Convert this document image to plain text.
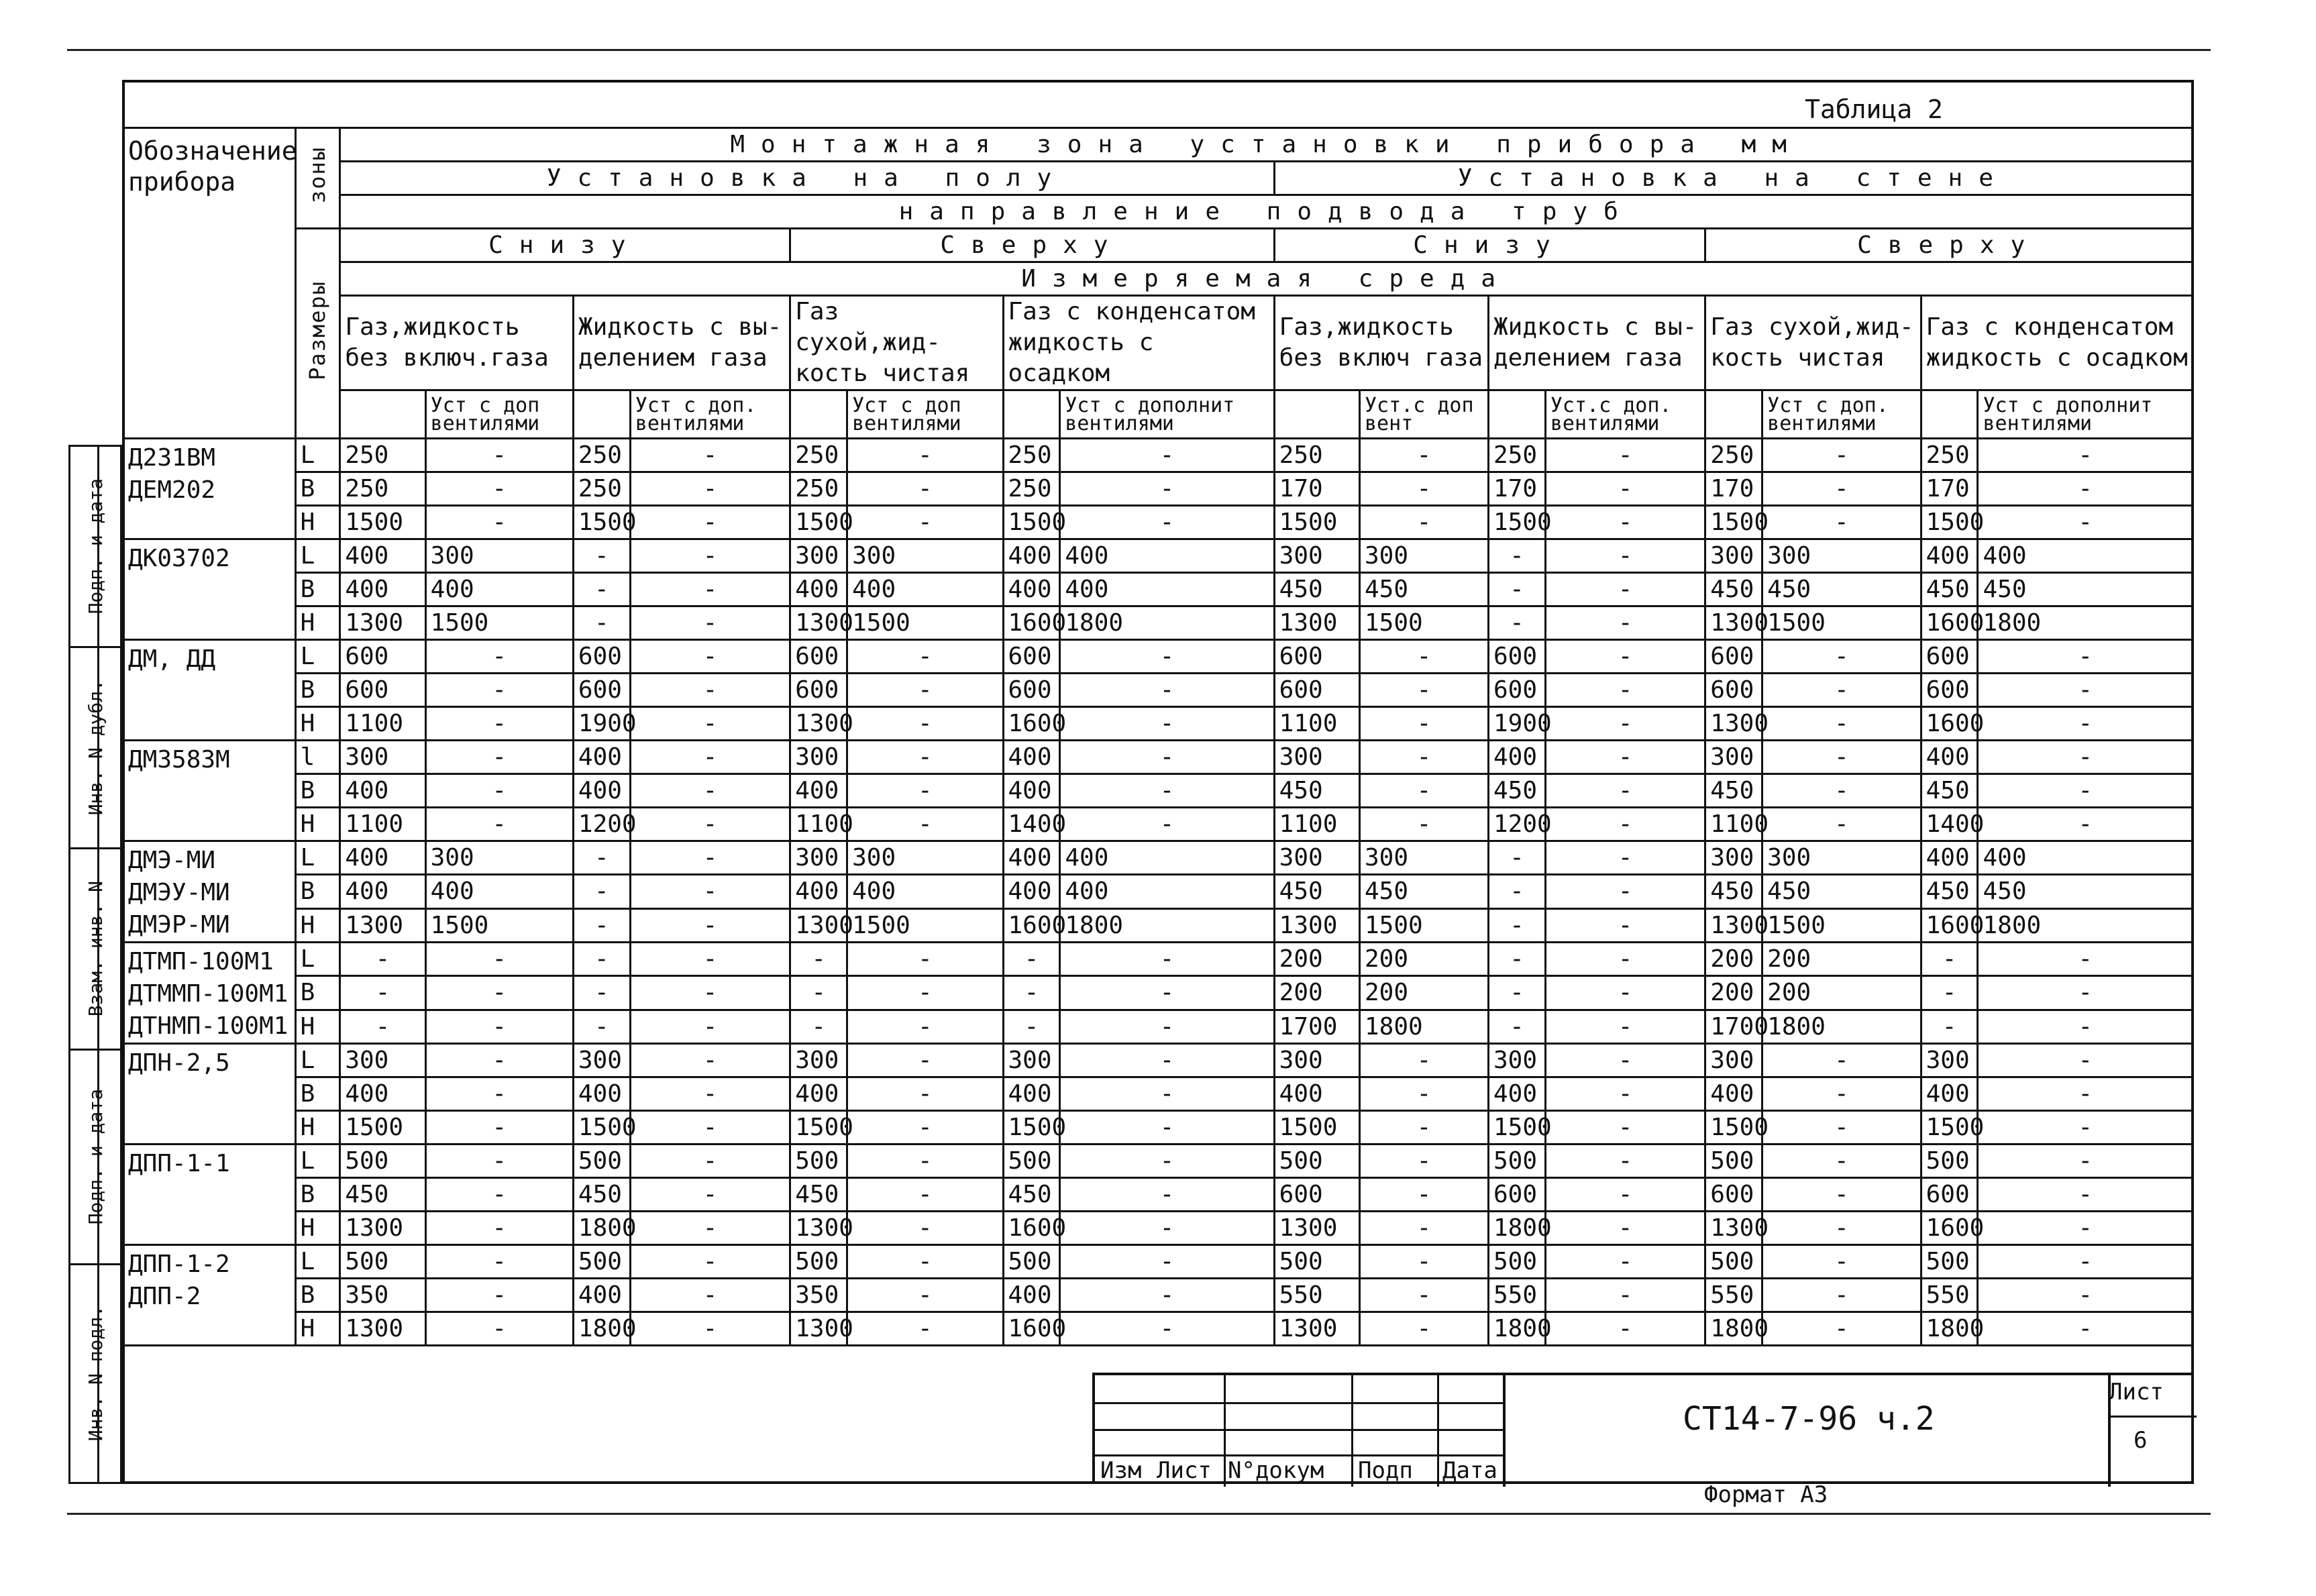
Таблица 2
Обозначение прибора	зоны	Монтажная зона установки прибора мм															
		Установка на полу								Установка на стене							
		направление подвода труб															
	Размеры	Снизу				Сверху				Снизу				Сверху			
		Измеряемая среда															
		Газ,жидкость без включ.газа		Жидкость с вы-делением газа		Газ сухой,жид-кость чистая		Газ с конденсатом жидкость с осадком		Газ,жидкость без включ газа		Жидкость с вы-делением газа		Газ сухой,жид-кость чистая		Газ с конденсатом жидкость с осадком	
			Уст с доп вентилями		Уст с доп. вентилями		Уст с доп вентилями		Уст с дополнит вентилями		Уст.с доп вент		Уст.с доп. вентилями		Уст с доп. вентилями		Уст с дополнит вентилями
Д231ВМ
ДЕМ202	L	250	-	250	-	250	-	250	-	250	-	250	-	250	-	250	-
	B	250	-	250	-	250	-	250	-	170	-	170	-	170	-	170	-
	H	1500	-	1500	-	1500	-	1500	-	1500	-	1500	-	1500	-	1500	-
ДК03702	L	400	300	-	-	300	300	400	400	300	300	-	-	300	300	400	400
	B	400	400	-	-	400	400	400	400	450	450	-	-	450	450	450	450
	H	1300	1500	-	-	1300	1500	1600	1800	1300	1500	-	-	1300	1500	1600	1800
ДМ, ДД	L	600	-	600	-	600	-	600	-	600	-	600	-	600	-	600	-
	B	600	-	600	-	600	-	600	-	600	-	600	-	600	-	600	-
	H	1100	-	1900	-	1300	-	1600	-	1100	-	1900	-	1300	-	1600	-
ДМ3583М	l	300	-	400	-	300	-	400	-	300	-	400	-	300	-	400	-
	B	400	-	400	-	400	-	400	-	450	-	450	-	450	-	450	-
	H	1100	-	1200	-	1100	-	1400	-	1100	-	1200	-	1100	-	1400	-
ДМЭ-МИ
ДМЭУ-МИ
ДМЭР-МИ	L	400	300	-	-	300	300	400	400	300	300	-	-	300	300	400	400
	B	400	400	-	-	400	400	400	400	450	450	-	-	450	450	450	450
	H	1300	1500	-	-	1300	1500	1600	1800	1300	1500	-	-	1300	1500	1600	1800
ДТМП-100М1
ДТММП-100М1
ДТНМП-100М1	L	-	-	-	-	-	-	-	-	200	200	-	-	200	200	-	-
	B	-	-	-	-	-	-	-	-	200	200	-	-	200	200	-	-
	H	-	-	-	-	-	-	-	-	1700	1800	-	-	1700	1800	-	-
ДПН-2,5	L	300	-	300	-	300	-	300	-	300	-	300	-	300	-	300	-
	B	400	-	400	-	400	-	400	-	400	-	400	-	400	-	400	-
	H	1500	-	1500	-	1500	-	1500	-	1500	-	1500	-	1500	-	1500	-
ДПП-1-1	L	500	-	500	-	500	-	500	-	500	-	500	-	500	-	500	-
	B	450	-	450	-	450	-	450	-	600	-	600	-	600	-	600	-
	H	1300	-	1800	-	1300	-	1600	-	1300	-	1800	-	1300	-	1600	-
ДПП-1-2
ДПП-2	L	500	-	500	-	500	-	500	-	500	-	500	-	500	-	500	-
	B	350	-	400	-	350	-	400	-	550	-	550	-	550	-	550	-
	H	1300	-	1800	-	1300	-	1600	-	1300	-	1800	-	1800	-	1800	-
Подп. и дата
Инв. N дубл.
Взам. инв. N
Подп. и дата
Инв. N подл.
Изм Лист N°докум Подп Дата
СТ14-7-96 ч.2
Лист
6
Формат А3
